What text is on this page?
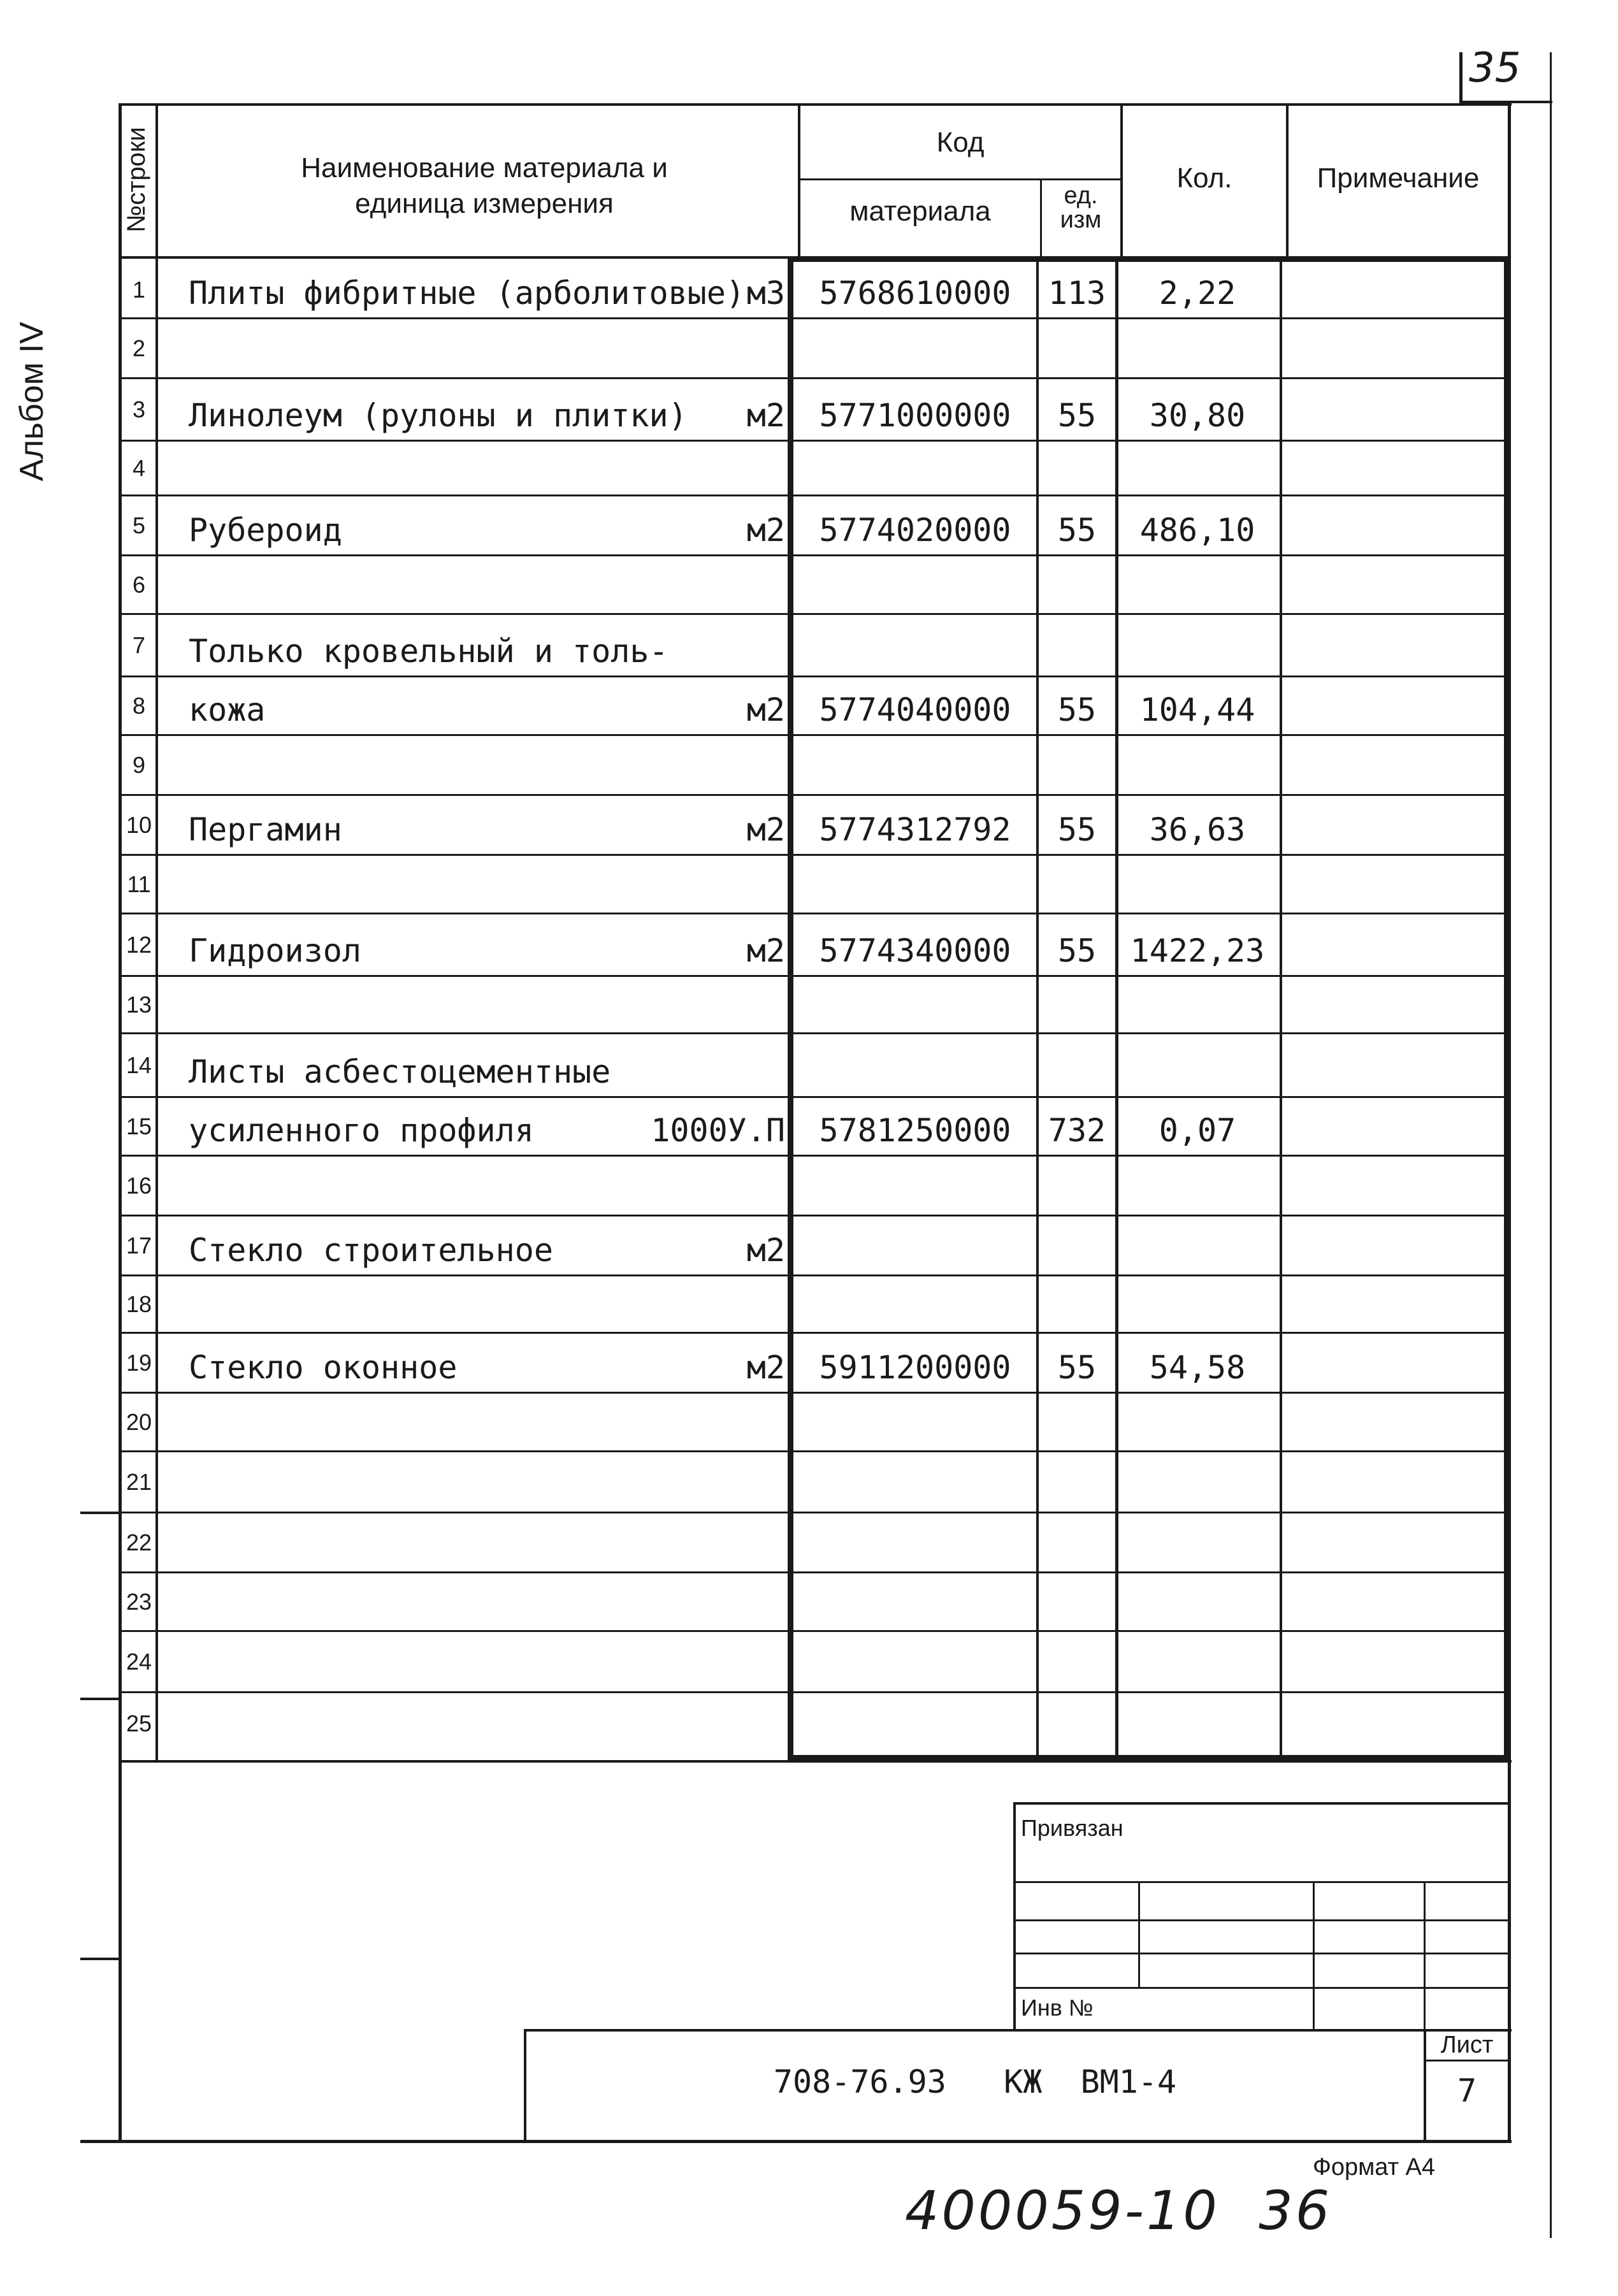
35
Альбом IV
№строки	Наименование материала и единица измерения
Код
материала	ед. изм
Кол.	Примечание
1	Плиты фибритные (арболитовые) м3	5768610000	113	2,22
2
3	Линолеум (рулоны и плитки)	м2	5771000000	55	30,80
4
5	Рубероид	м2	5774020000	55	486,10
6
7	Только кровельный и толь-
8	кожа	м2	5774040000	55	104,44
9
10 Пергамин	м2	5774312792	55	36,63
11
12 Гидроизол	м2	5774340000	55	1422,23
13
14 Листы асбестоцементные
15 усиленного профиля	1000У.П	5781250000	732	0,07
16
17 Стекло строительное	м2
18
19 Стекло оконное	м2	5911200000	55	54,58
20
21
22
23
24
25
Привязан
Инв №
708-76.93   КЖ  ВМ1-4
Лист
7
Формат А4
400059-10  36
